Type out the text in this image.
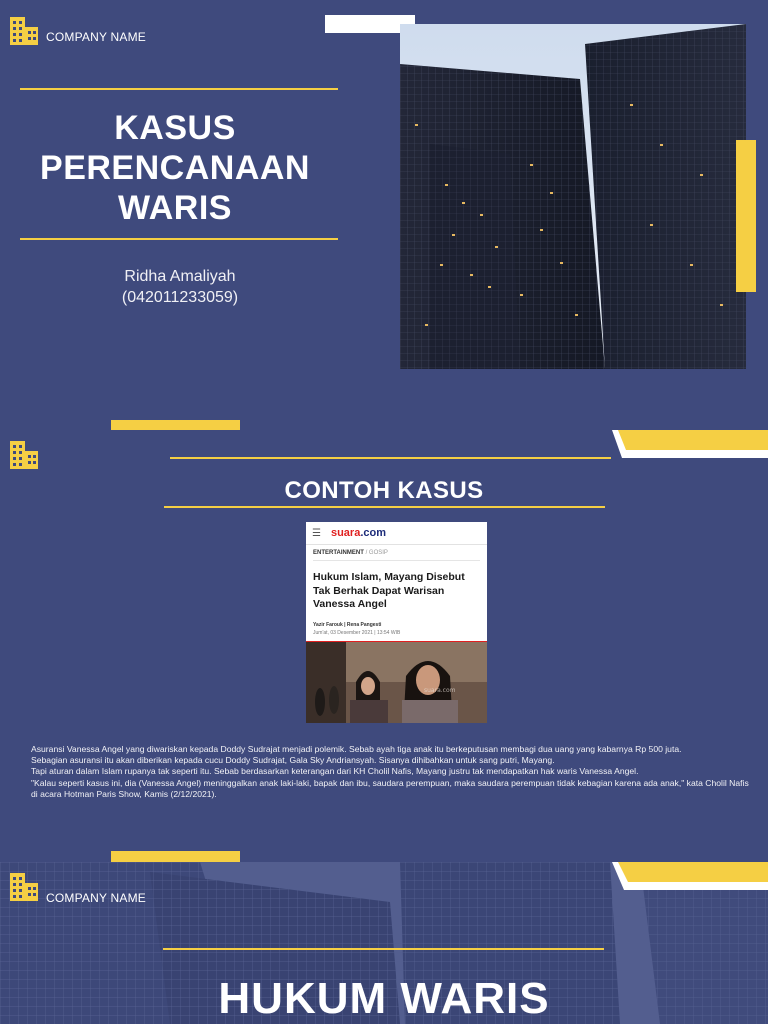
COMPANY NAME
KASUS
PERENCANAAN
WARIS
Ridha Amaliyah
(042011233059)
CONTOH KASUS
☰ suara.com
ENTERTAINMENT / GOSIP
Hukum Islam, Mayang Disebut Tak Berhak Dapat Warisan Vanessa Angel
Yazir Farouk | Rena Pangesti
Jum'at, 03 Desember 2021 | 13:54 WIB
suara.com
Asuransi Vanessa Angel yang diwariskan kepada Doddy Sudrajat menjadi polemik. Sebab ayah tiga anak itu berkeputusan membagi dua uang yang kabarnya Rp 500 juta.
Sebagian asuransi itu akan diberikan kepada cucu Doddy Sudrajat, Gala Sky Andriansyah. Sisanya dihibahkan untuk sang putri, Mayang.
Tapi aturan dalam Islam rupanya tak seperti itu. Sebab berdasarkan keterangan dari KH Cholil Nafis, Mayang justru tak mendapatkan hak waris Vanessa Angel.
"Kalau seperti kasus ini, dia (Vanessa Angel) meninggalkan anak laki-laki, bapak dan ibu, saudara perempuan, maka saudara perempuan tidak kebagian karena ada anak," kata Cholil Nafis di acara Hotman Paris Show, Kamis (2/12/2021).
COMPANY NAME
HUKUM WARIS
